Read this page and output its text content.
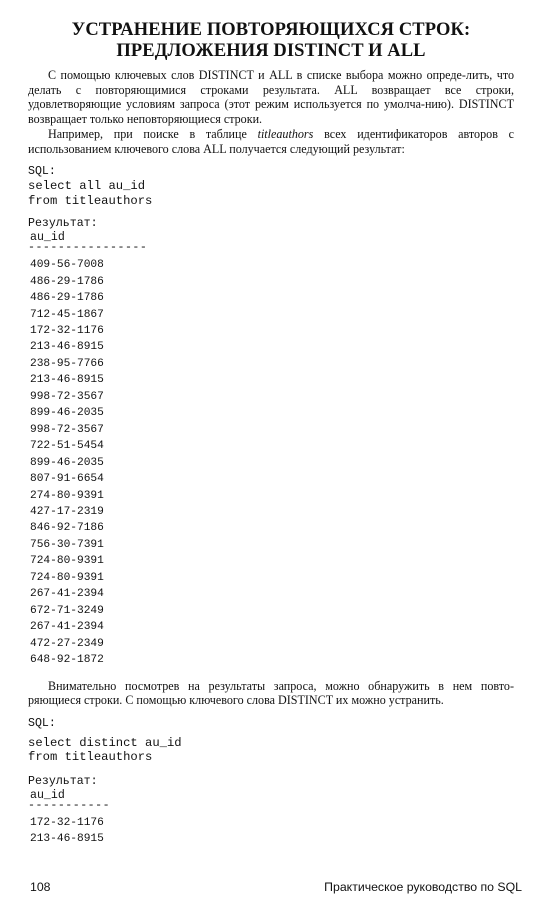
УСТРАНЕНИЕ ПОВТОРЯЮЩИХСЯ СТРОК:
ПРЕДЛОЖЕНИЯ DISTINCT И ALL

С помощью ключевых слов DISTINCT и ALL в списке выбора можно опреде-лить, что делать с повторяющимися строками результата. ALL возвращает все строки, удовлетворяющие условиям запроса (этот режим используется по умолча-нию). DISTINCT возвращает только неповторяющиеся строки.

Например, при поиске в таблице titleauthors всех идентификаторов авторов с использованием ключевого слова ALL получается следующий результат:

SQL:

select all au_id

from titleauthors

Результат:

au_id

----------------

409-56-7008
486-29-1786
486-29-1786
712-45-1867
172-32-1176
213-46-8915
238-95-7766
213-46-8915
998-72-3567
899-46-2035
998-72-3567
722-51-5454
899-46-2035
807-91-6654
274-80-9391
427-17-2319
846-92-7186
756-30-7391
724-80-9391
724-80-9391
267-41-2394
672-71-3249
267-41-2394
472-27-2349
648-92-1872

Внимательно посмотрев на результаты запроса, можно обнаружить в нем повто-ряющиеся строки. С помощью ключевого слова DISTINCT их можно устранить.

SQL:

select distinct au_id

from titleauthors

Результат:

au_id

-----------

172-32-1176
213-46-8915
108	Практическое руководство по SQL
